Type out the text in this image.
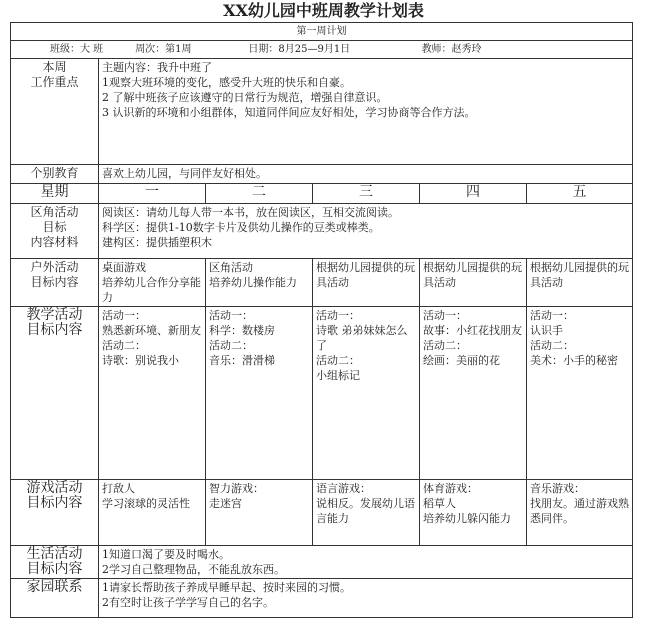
XX幼儿园中班周教学计划表
第一周计划					
班级：大 班 周次：第1周 日期：8月25—9月1日 教师：赵秀玲					

本周
工作重点	主题内容：我升中班了
1观察大班环境的变化，感受升大班的快乐和自豪。
2 了解中班孩子应该遵守的日常行为规范，增强自律意识。
3 认识新的环境和小组群体，知道同伴间应友好相处，学习协商等合作方法。				

个别教育	喜欢上幼儿园，与同伴友好相处。				
星期	一	二	三	四	五

区角活动
目标
内容材料	阅读区：请幼儿每人带一本书，放在阅读区，互相交流阅读。
科学区：提供1-10数字卡片及供幼儿操作的豆类或棒类。
建构区：提供插塑积木				

户外活动
目标内容	桌面游戏
培养幼儿合作分享能力	区角活动
培养幼儿操作能力	根据幼儿园提供的玩具活动	根据幼儿园提供的玩具活动	根据幼儿园提供的玩具活动

教学活动
目标内容	活动一：
熟悉新环境、新朋友
活动二：
诗歌：别说我小	活动一：
科学：数楼房
活动二：
音乐：滑滑梯	活动一：
诗歌 弟弟妹妹怎么了
活动二：
小组标记	活动一：
故事：小红花找朋友
活动二：
绘画：美丽的花	活动一：
认识手
活动二：
美术：小手的秘密

游戏活动
目标内容	打敌人
学习滚球的灵活性	智力游戏：
走迷宫	语言游戏：
说相反。发展幼儿语言能力	体育游戏：
稻草人
培养幼儿躲闪能力	音乐游戏：
找朋友。通过游戏熟悉同伴。

生活活动
目标内容	1知道口渴了要及时喝水。
2学习自己整理物品，不能乱放东西。				

家园联系	1请家长帮助孩子养成早睡早起、按时来园的习惯。
2有空时让孩子学学写自己的名字。				
